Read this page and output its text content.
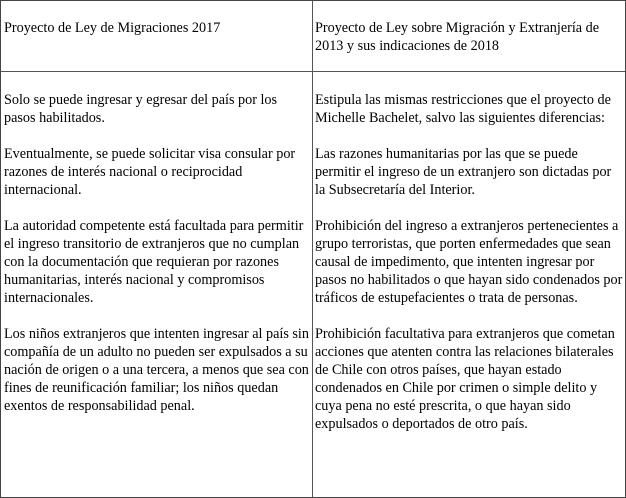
Proyecto de Ley de Migraciones 2017	Proyecto de Ley sobre Migración y Extranjería de 2013 y sus indicaciones de 2018

Solo se puede ingresar y egresar del país por los pasos habilitados.

Eventualmente, se puede solicitar visa consular por razones de interés nacional o reciprocidad internacional.

La autoridad competente está facultada para permitir el ingreso transitorio de extranjeros que no cumplan con la documentación que requieran por razones humanitarias, interés nacional y compromisos internacionales.

Los niños extranjeros que intenten ingresar al país sin compañía de un adulto no pueden ser expulsados a su nación de origen o a una tercera, a menos que sea con fines de reunificación familiar; los niños quedan exentos de responsabilidad penal.

Estipula las mismas restricciones que el proyecto de Michelle Bachelet, salvo las siguientes diferencias:

Las razones humanitarias por las que se puede permitir el ingreso de un extranjero son dictadas por la Subsecretaría del Interior.

Prohibición del ingreso a extranjeros pertenecientes a grupo terroristas, que porten enfermedades que sean causal de impedimento, que intenten ingresar por pasos no habilitados o que hayan sido condenados por tráficos de estupefacientes o trata de personas.

Prohibición facultativa para extranjeros que cometan acciones que atenten contra las relaciones bilaterales de Chile con otros países, que hayan estado condenados en Chile por crimen o simple delito y cuya pena no esté prescrita, o que hayan sido expulsados o deportados de otro país.
